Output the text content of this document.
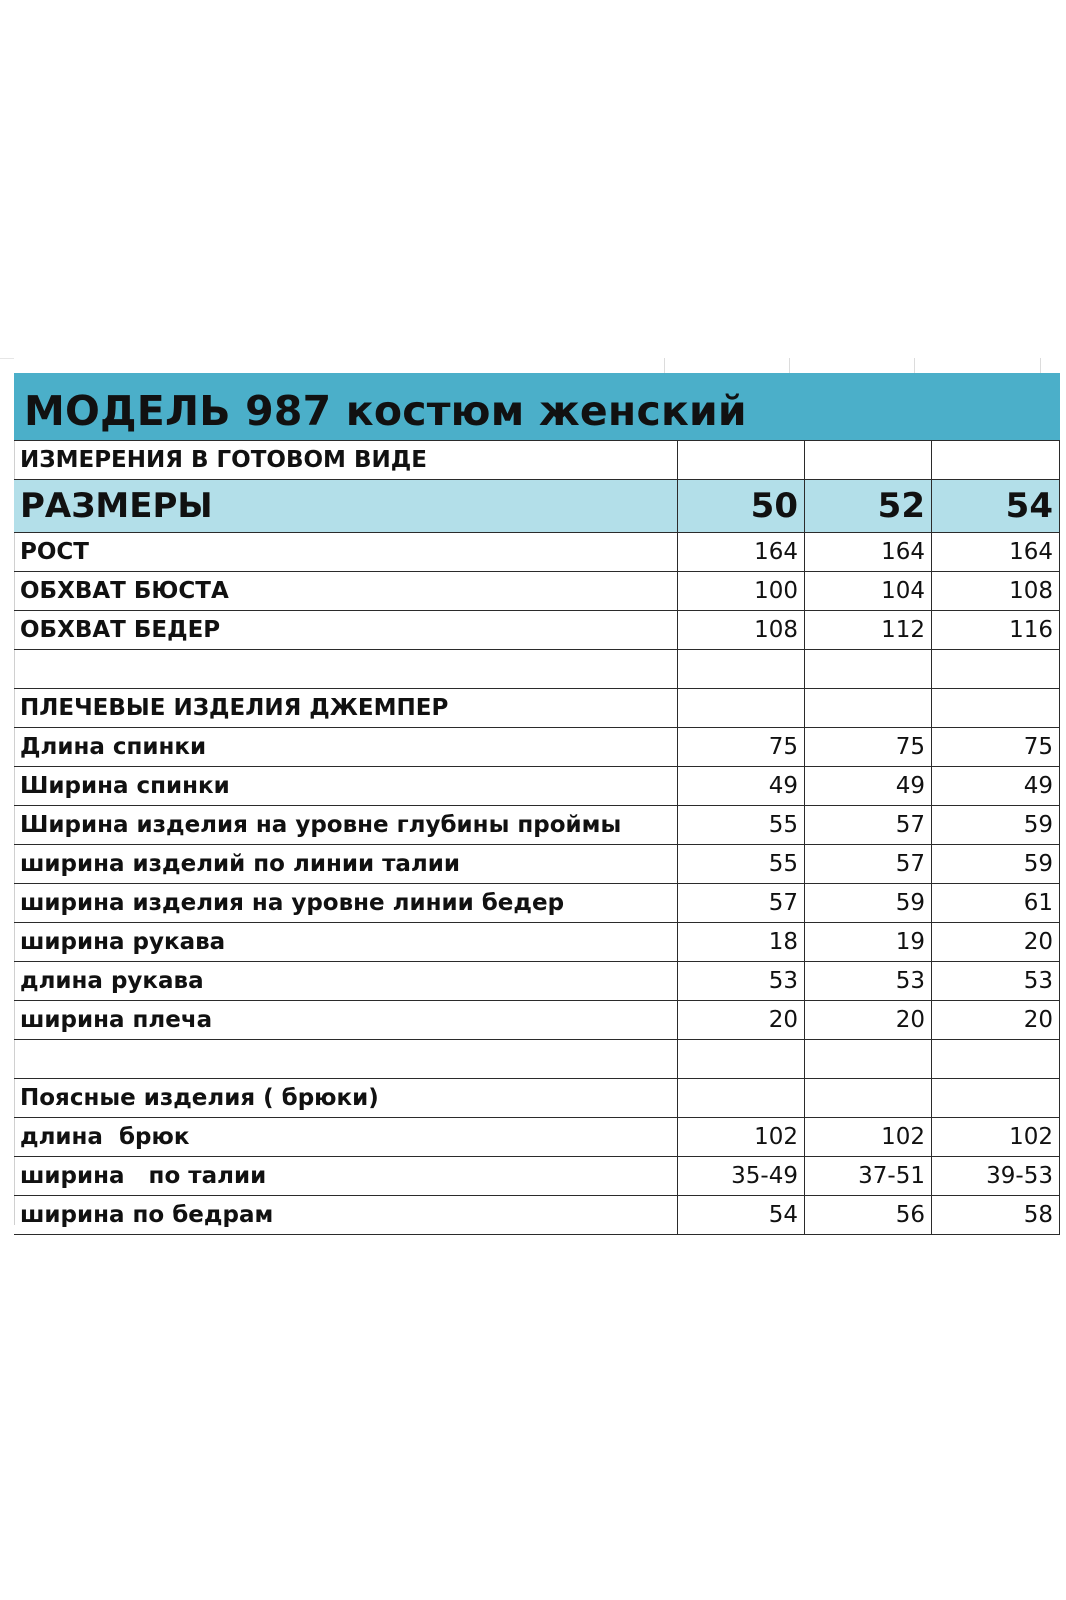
МОДЕЛЬ 987 костюм женский
ИЗМЕРЕНИЯ В ГОТОВОМ ВИДЕ
РАЗМЕРЫ	50	52	54
РОСТ	164	164	164
ОБХВАТ БЮСТА	100	104	108
ОБХВАТ БЕДЕР	108	112	116
ПЛЕЧЕВЫЕ ИЗДЕЛИЯ ДЖЕМПЕР
Длина спинки	75	75	75
Ширина спинки	49	49	49
Ширина изделия на уровне глубины проймы	55	57	59
ширина изделий по линии талии	55	57	59
ширина изделия на уровне линии бедер	57	59	61
ширина рукава	18	19	20
длина рукава	53	53	53
ширина плеча	20	20	20
Поясные изделия ( брюки)
длина  брюк	102	102	102
ширина   по талии	35-49	37-51	39-53
ширина по бедрам	54	56	58
